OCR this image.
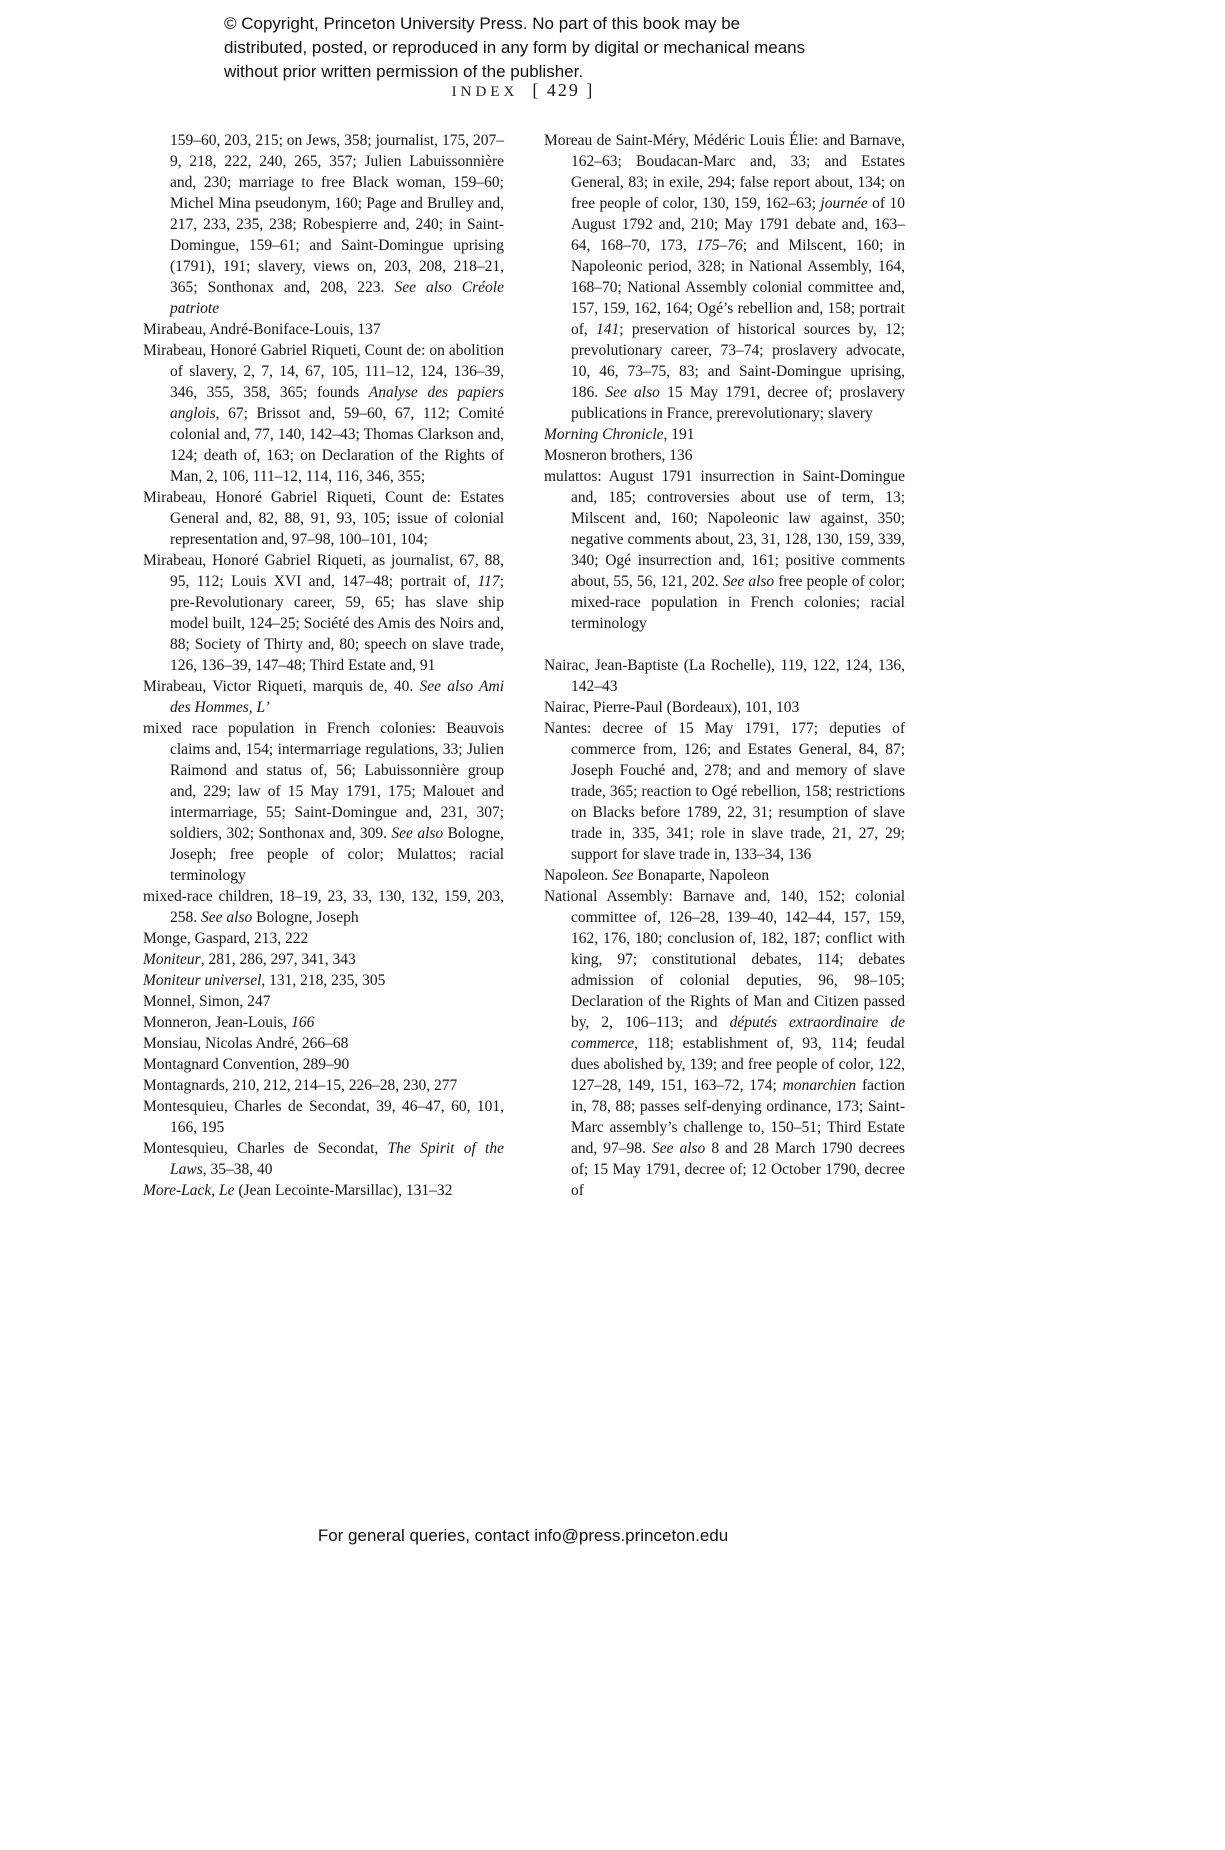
© Copyright, Princeton University Press. No part of this book may be distributed, posted, or reproduced in any form by digital or mechanical means without prior written permission of the publisher.
INDEX [ 429 ]

159–60, 203, 215; on Jews, 358; journalist, 175, 207–9, 218, 222, 240, 265, 357; Julien Labuissonnière and, 230; marriage to free Black woman, 159–60; Michel Mina pseudonym, 160; Page and Brulley and, 217, 233, 235, 238; Robespierre and, 240; in Saint-Domingue, 159–61; and Saint-Domingue uprising (1791), 191; slavery, views on, 203, 208, 218–21, 365; Sonthonax and, 208, 223. See also Créole patriote

Mirabeau, André-Boniface-Louis, 137

Mirabeau, Honoré Gabriel Riqueti, Count de: on abolition of slavery, 2, 7, 14, 67, 105, 111–12, 124, 136–39, 346, 355, 358, 365; founds Analyse des papiers anglois, 67; Brissot and, 59–60, 67, 112; Comité colonial and, 77, 140, 142–43; Thomas Clarkson and, 124; death of, 163; on Declaration of the Rights of Man, 2, 106, 111–12, 114, 116, 346, 355;

Mirabeau, Honoré Gabriel Riqueti, Count de: Estates General and, 82, 88, 91, 93, 105; issue of colonial representation and, 97–98, 100–101, 104;

Mirabeau, Honoré Gabriel Riqueti, as journalist, 67, 88, 95, 112; Louis XVI and, 147–48; portrait of, 117; pre-Revolutionary career, 59, 65; has slave ship model built, 124–25; Société des Amis des Noirs and, 88; Society of Thirty and, 80; speech on slave trade, 126, 136–39, 147–48; Third Estate and, 91

Mirabeau, Victor Riqueti, marquis de, 40. See also Ami des Hommes, L’

mixed race population in French colonies: Beauvois claims and, 154; intermarriage regulations, 33; Julien Raimond and status of, 56; Labuissonnière group and, 229; law of 15 May 1791, 175; Malouet and intermarriage, 55; Saint-Domingue and, 231, 307; soldiers, 302; Sonthonax and, 309. See also Bologne, Joseph; free people of color; Mulattos; racial terminology

mixed-race children, 18–19, 23, 33, 130, 132, 159, 203, 258. See also Bologne, Joseph

Monge, Gaspard, 213, 222

Moniteur, 281, 286, 297, 341, 343

Moniteur universel, 131, 218, 235, 305

Monnel, Simon, 247

Monneron, Jean-Louis, 166

Monsiau, Nicolas André, 266–68

Montagnard Convention, 289–90

Montagnards, 210, 212, 214–15, 226–28, 230, 277

Montesquieu, Charles de Secondat, 39, 46–47, 60, 101, 166, 195

Montesquieu, Charles de Secondat, The Spirit of the Laws, 35–38, 40

More-Lack, Le (Jean Lecointe-Marsillac), 131–32

Moreau de Saint-Méry, Médéric Louis Élie: and Barnave, 162–63; Boudacan-Marc and, 33; and Estates General, 83; in exile, 294; false report about, 134; on free people of color, 130, 159, 162–63; journée of 10 August 1792 and, 210; May 1791 debate and, 163–64, 168–70, 173, 175–76; and Milscent, 160; in Napoleonic period, 328; in National Assembly, 164, 168–70; National Assembly colonial committee and, 157, 159, 162, 164; Ogé’s rebellion and, 158; portrait of, 141; preservation of historical sources by, 12; prevolutionary career, 73–74; proslavery advocate, 10, 46, 73–75, 83; and Saint-Domingue uprising, 186. See also 15 May 1791, decree of; proslavery publications in France, prerevolutionary; slavery

Morning Chronicle, 191

Mosneron brothers, 136

mulattos: August 1791 insurrection in Saint-Domingue and, 185; controversies about use of term, 13; Milscent and, 160; Napoleonic law against, 350; negative comments about, 23, 31, 128, 130, 159, 339, 340; Ogé insurrection and, 161; positive comments about, 55, 56, 121, 202. See also free people of color; mixed-race population in French colonies; racial terminology

Nairac, Jean-Baptiste (La Rochelle), 119, 122, 124, 136, 142–43

Nairac, Pierre-Paul (Bordeaux), 101, 103

Nantes: decree of 15 May 1791, 177; deputies of commerce from, 126; and Estates General, 84, 87; Joseph Fouché and, 278; and and memory of slave trade, 365; reaction to Ogé rebellion, 158; restrictions on Blacks before 1789, 22, 31; resumption of slave trade in, 335, 341; role in slave trade, 21, 27, 29; support for slave trade in, 133–34, 136

Napoleon. See Bonaparte, Napoleon

National Assembly: Barnave and, 140, 152; colonial committee of, 126–28, 139–40, 142–44, 157, 159, 162, 176, 180; conclusion of, 182, 187; conflict with king, 97; constitutional debates, 114; debates admission of colonial deputies, 96, 98–105; Declaration of the Rights of Man and Citizen passed by, 2, 106–113; and députés extraordinaire de commerce, 118; establishment of, 93, 114; feudal dues abolished by, 139; and free people of color, 122, 127–28, 149, 151, 163–72, 174; monarchien faction in, 78, 88; passes self-denying ordinance, 173; Saint-Marc assembly’s challenge to, 150–51; Third Estate and, 97–98. See also 8 and 28 March 1790 decrees of; 15 May 1791, decree of; 12 October 1790, decree of

For general queries, contact info@press.princeton.edu
